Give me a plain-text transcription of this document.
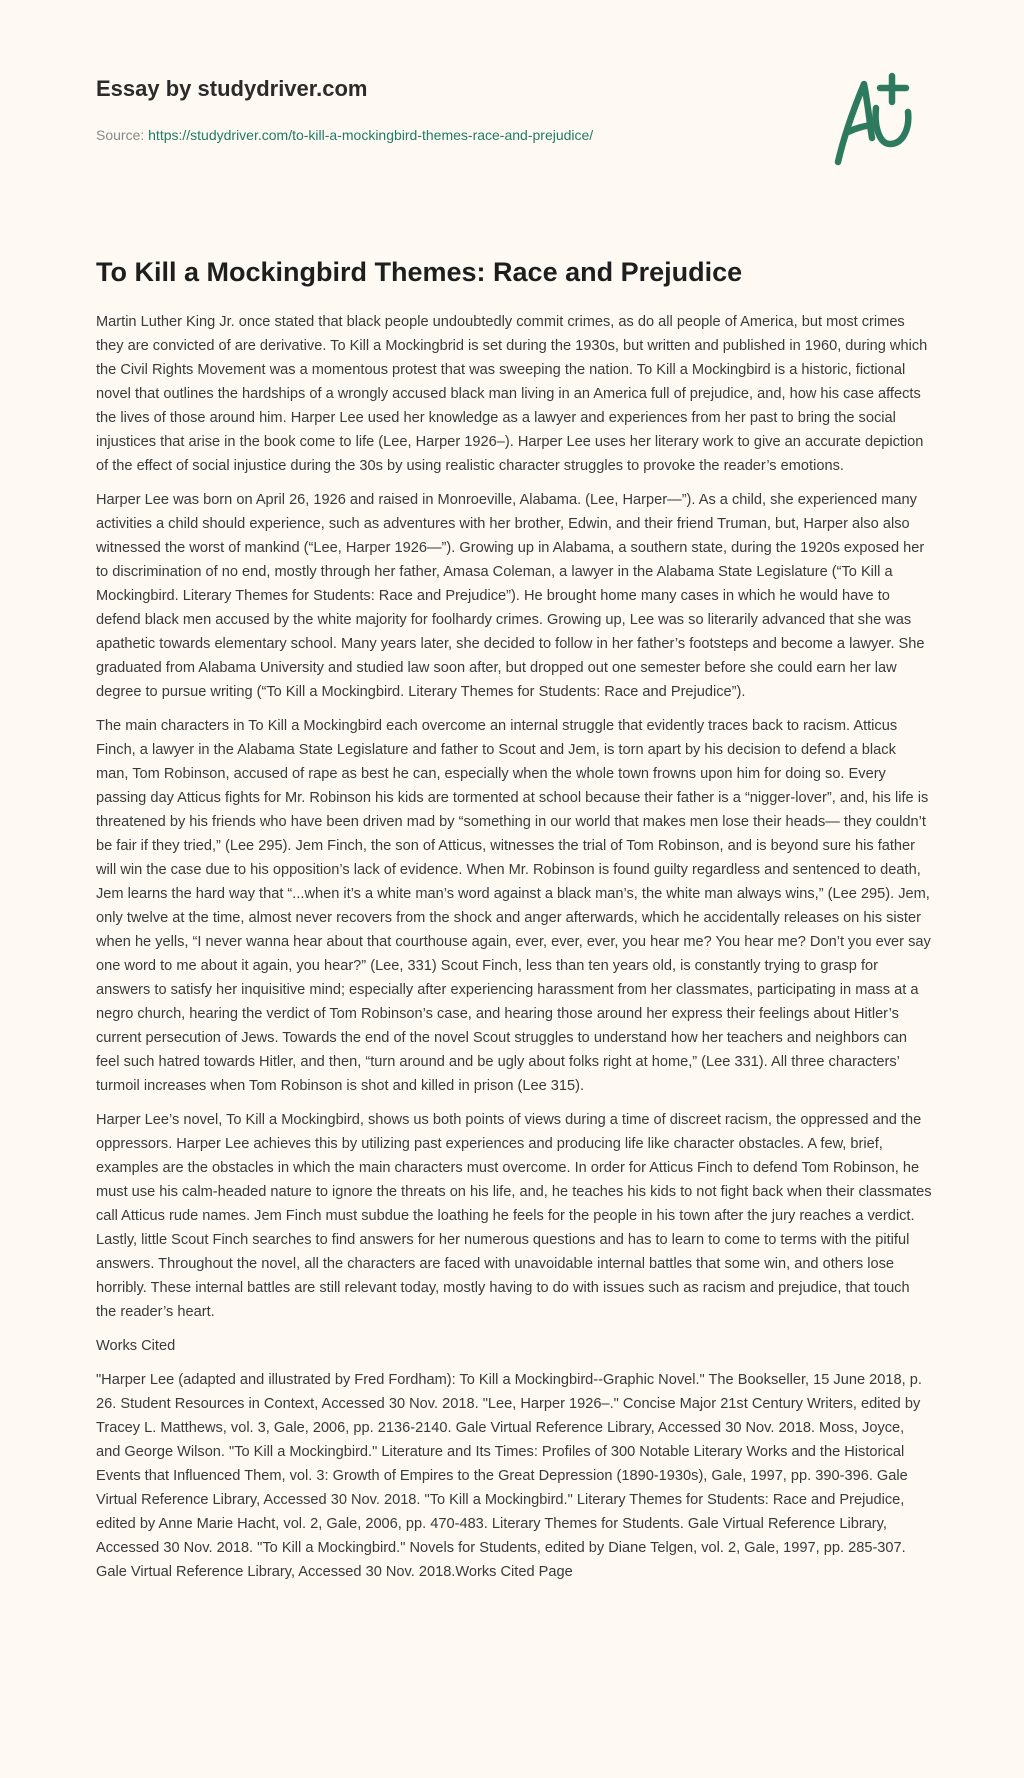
Essay by studydriver.com
Source: https://studydriver.com/to-kill-a-mockingbird-themes-race-and-prejudice/
To Kill a Mockingbird Themes: Race and Prejudice

Martin Luther King Jr. once stated that black people undoubtedly commit crimes, as do all people of America, but most crimes they are convicted of are derivative. To Kill a Mockingbrid is set during the 1930s, but written and published in 1960, during which the Civil Rights Movement was a momentous protest that was sweeping the nation. To Kill a Mockingbird is a historic, fictional novel that outlines the hardships of a wrongly accused black man living in an America full of prejudice, and, how his case affects the lives of those around him. Harper Lee used her knowledge as a lawyer and experiences from her past to bring the social injustices that arise in the book come to life (Lee, Harper 1926–). Harper Lee uses her literary work to give an accurate depiction of the effect of social injustice during the 30s by using realistic character struggles to provoke the reader’s emotions.

Harper Lee was born on April 26, 1926 and raised in Monroeville, Alabama. (Lee, Harper—”). As a child, she experienced many activities a child should experience, such as adventures with her brother, Edwin, and their friend Truman, but, Harper also also witnessed the worst of mankind (“Lee, Harper 1926—”). Growing up in Alabama, a southern state, during the 1920s exposed her to discrimination of no end, mostly through her father, Amasa Coleman, a lawyer in the Alabama State Legislature (“To Kill a Mockingbird. Literary Themes for Students: Race and Prejudice”). He brought home many cases in which he would have to defend black men accused by the white majority for foolhardy crimes. Growing up, Lee was so literarily advanced that she was apathetic towards elementary school. Many years later, she decided to follow in her father’s footsteps and become a lawyer. She graduated from Alabama University and studied law soon after, but dropped out one semester before she could earn her law degree to pursue writing (“To Kill a Mockingbird. Literary Themes for Students: Race and Prejudice”).

The main characters in To Kill a Mockingbird each overcome an internal struggle that evidently traces back to racism. Atticus Finch, a lawyer in the Alabama State Legislature and father to Scout and Jem, is torn apart by his decision to defend a black man, Tom Robinson, accused of rape as best he can, especially when the whole town frowns upon him for doing so. Every passing day Atticus fights for Mr. Robinson his kids are tormented at school because their father is a “nigger-lover”, and, his life is threatened by his friends who have been driven mad by “something in our world that makes men lose their heads— they couldn’t be fair if they tried,” (Lee 295). Jem Finch, the son of Atticus, witnesses the trial of Tom Robinson, and is beyond sure his father will win the case due to his opposition’s lack of evidence. When Mr. Robinson is found guilty regardless and sentenced to death, Jem learns the hard way that “...when it’s a white man’s word against a black man’s, the white man always wins,” (Lee 295). Jem, only twelve at the time, almost never recovers from the shock and anger afterwards, which he accidentally releases on his sister when he yells, “I never wanna hear about that courthouse again, ever, ever, ever, you hear me? You hear me? Don’t you ever say one word to me about it again, you hear?” (Lee, 331) Scout Finch, less than ten years old, is constantly trying to grasp for answers to satisfy her inquisitive mind; especially after experiencing harassment from her classmates, participating in mass at a negro church, hearing the verdict of Tom Robinson’s case, and hearing those around her express their feelings about Hitler’s current persecution of Jews. Towards the end of the novel Scout struggles to understand how her teachers and neighbors can feel such hatred towards Hitler, and then, “turn around and be ugly about folks right at home,” (Lee 331). All three characters’ turmoil increases when Tom Robinson is shot and killed in prison (Lee 315).

Harper Lee’s novel, To Kill a Mockingbird, shows us both points of views during a time of discreet racism, the oppressed and the oppressors. Harper Lee achieves this by utilizing past experiences and producing life like character obstacles. A few, brief, examples are the obstacles in which the main characters must overcome. In order for Atticus Finch to defend Tom Robinson, he must use his calm-headed nature to ignore the threats on his life, and, he teaches his kids to not fight back when their classmates call Atticus rude names. Jem Finch must subdue the loathing he feels for the people in his town after the jury reaches a verdict. Lastly, little Scout Finch searches to find answers for her numerous questions and has to learn to come to terms with the pitiful answers. Throughout the novel, all the characters are faced with unavoidable internal battles that some win, and others lose horribly. These internal battles are still relevant today, mostly having to do with issues such as racism and prejudice, that touch the reader’s heart.

Works Cited

"Harper Lee (adapted and illustrated by Fred Fordham): To Kill a Mockingbird--Graphic Novel." The Bookseller, 15 June 2018, p. 26. Student Resources in Context, Accessed 30 Nov. 2018. "Lee, Harper 1926–." Concise Major 21st Century Writers, edited by Tracey L. Matthews, vol. 3, Gale, 2006, pp. 2136-2140. Gale Virtual Reference Library, Accessed 30 Nov. 2018. Moss, Joyce, and George Wilson. "To Kill a Mockingbird." Literature and Its Times: Profiles of 300 Notable Literary Works and the Historical Events that Influenced Them, vol. 3: Growth of Empires to the Great Depression (1890-1930s), Gale, 1997, pp. 390-396. Gale Virtual Reference Library, Accessed 30 Nov. 2018. "To Kill a Mockingbird." Literary Themes for Students: Race and Prejudice, edited by Anne Marie Hacht, vol. 2, Gale, 2006, pp. 470-483. Literary Themes for Students. Gale Virtual Reference Library, Accessed 30 Nov. 2018. "To Kill a Mockingbird." Novels for Students, edited by Diane Telgen, vol. 2, Gale, 1997, pp. 285-307. Gale Virtual Reference Library, Accessed 30 Nov. 2018.Works Cited Page
